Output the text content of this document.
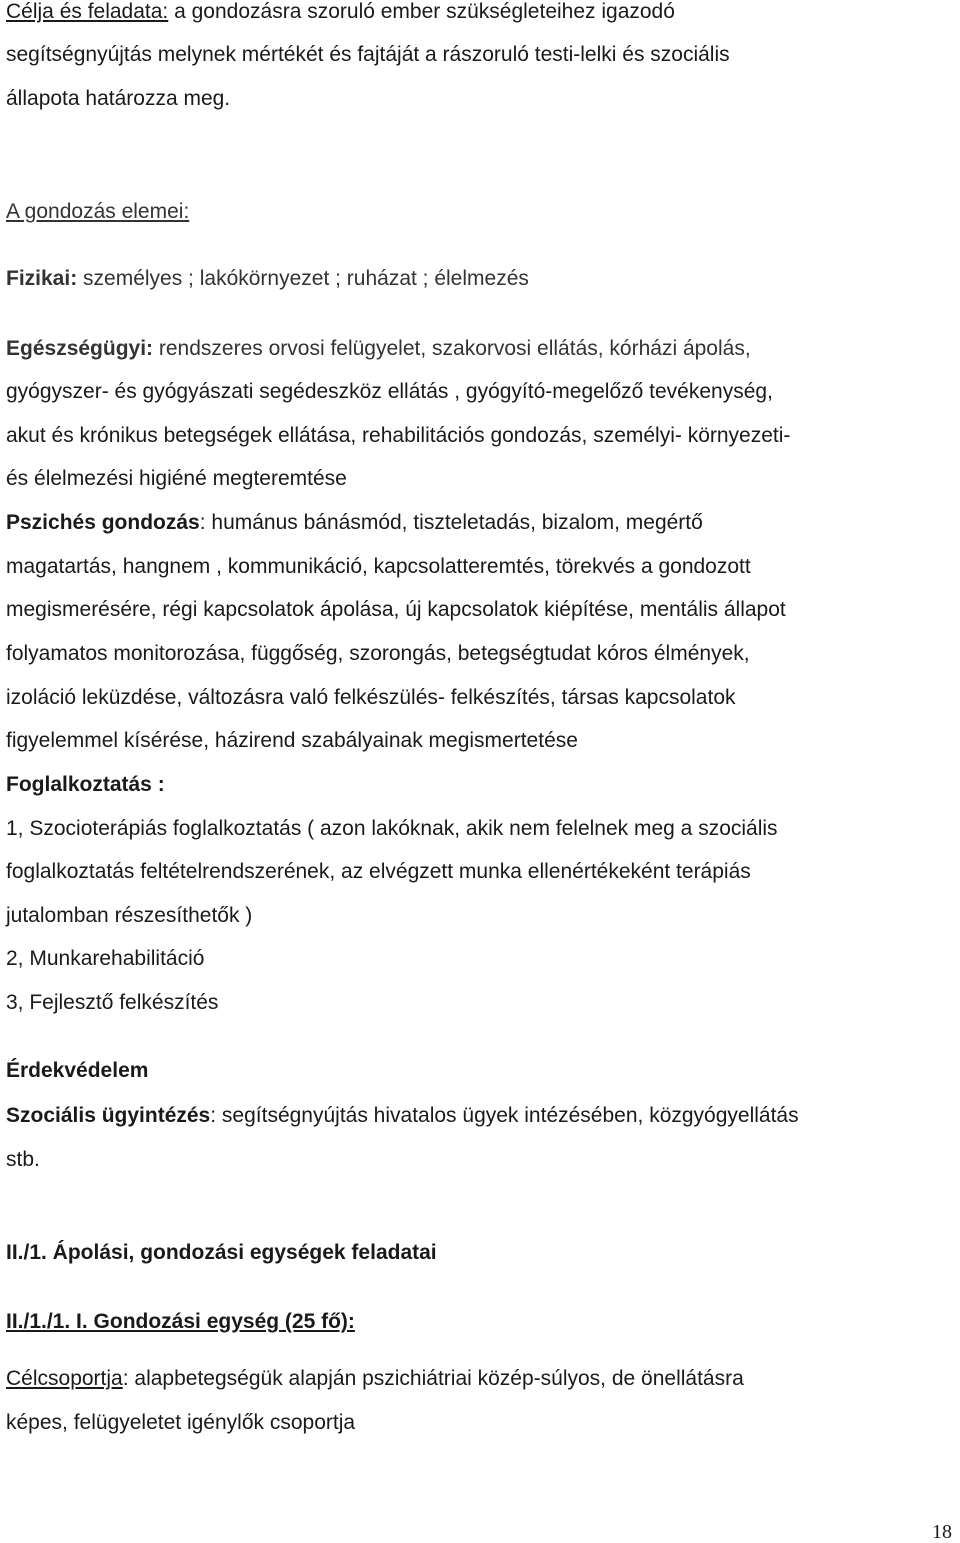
Célja és feladata: a gondozásra szoruló ember szükségleteihez igazodó
segítségnyújtás melynek mértékét és fajtáját a rászoruló testi-lelki és szociális
állapota határozza meg.
A gondozás elemei:
Fizikai: személyes ; lakókörnyezet ; ruházat ; élelmezés
Egészségügyi: rendszeres orvosi felügyelet, szakorvosi ellátás, kórházi ápolás,
gyógyszer- és gyógyászati segédeszköz ellátás , gyógyító-megelőző tevékenység,
akut és krónikus betegségek ellátása, rehabilitációs gondozás, személyi- környezeti-
és élelmezési higiéné megteremtése
Pszichés gondozás: humánus bánásmód, tiszteletadás, bizalom, megértő
magatartás, hangnem , kommunikáció, kapcsolatteremtés, törekvés a gondozott
megismerésére, régi kapcsolatok ápolása, új kapcsolatok kiépítése, mentális állapot
folyamatos monitorozása, függőség, szorongás, betegségtudat kóros élmények,
izoláció leküzdése, változásra való felkészülés- felkészítés, társas kapcsolatok
figyelemmel kísérése, házirend szabályainak megismertetése
Foglalkoztatás :
1, Szocioterápiás foglalkoztatás ( azon lakóknak, akik nem felelnek meg a szociális
foglalkoztatás feltételrendszerének, az elvégzett munka ellenértékeként terápiás
jutalomban részesíthetők )
2, Munkarehabilitáció
3, Fejlesztő felkészítés
Érdekvédelem
Szociális ügyintézés: segítségnyújtás hivatalos ügyek intézésében, közgyógyellátás
stb.
II./1. Ápolási, gondozási egységek feladatai
II./1./1. I. Gondozási egység (25 fő):
Célcsoportja: alapbetegségük alapján pszichiátriai közép-súlyos, de önellátásra
képes, felügyeletet igénylők csoportja
18
